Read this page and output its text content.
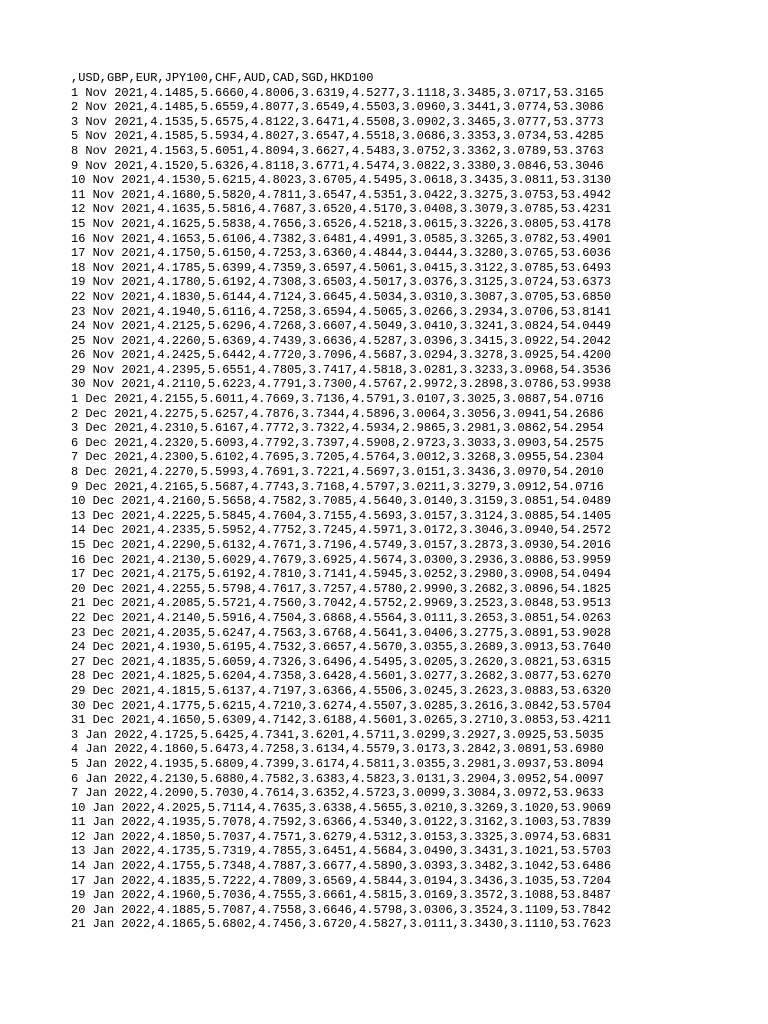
,USD,GBP,EUR,JPY100,CHF,AUD,CAD,SGD,HKD100
1 Nov 2021,4.1485,5.6660,4.8006,3.6319,4.5277,3.1118,3.3485,3.0717,53.3165
2 Nov 2021,4.1485,5.6559,4.8077,3.6549,4.5503,3.0960,3.3441,3.0774,53.3086
3 Nov 2021,4.1535,5.6575,4.8122,3.6471,4.5508,3.0902,3.3465,3.0777,53.3773
5 Nov 2021,4.1585,5.5934,4.8027,3.6547,4.5518,3.0686,3.3353,3.0734,53.4285
8 Nov 2021,4.1563,5.6051,4.8094,3.6627,4.5483,3.0752,3.3362,3.0789,53.3763
9 Nov 2021,4.1520,5.6326,4.8118,3.6771,4.5474,3.0822,3.3380,3.0846,53.3046
10 Nov 2021,4.1530,5.6215,4.8023,3.6705,4.5495,3.0618,3.3435,3.0811,53.3130
11 Nov 2021,4.1680,5.5820,4.7811,3.6547,4.5351,3.0422,3.3275,3.0753,53.4942
12 Nov 2021,4.1635,5.5816,4.7687,3.6520,4.5170,3.0408,3.3079,3.0785,53.4231
15 Nov 2021,4.1625,5.5838,4.7656,3.6526,4.5218,3.0615,3.3226,3.0805,53.4178
16 Nov 2021,4.1653,5.6106,4.7382,3.6481,4.4991,3.0585,3.3265,3.0782,53.4901
17 Nov 2021,4.1750,5.6150,4.7253,3.6360,4.4844,3.0444,3.3280,3.0765,53.6036
18 Nov 2021,4.1785,5.6399,4.7359,3.6597,4.5061,3.0415,3.3122,3.0785,53.6493
19 Nov 2021,4.1780,5.6192,4.7308,3.6503,4.5017,3.0376,3.3125,3.0724,53.6373
22 Nov 2021,4.1830,5.6144,4.7124,3.6645,4.5034,3.0310,3.3087,3.0705,53.6850
23 Nov 2021,4.1940,5.6116,4.7258,3.6594,4.5065,3.0266,3.2934,3.0706,53.8141
24 Nov 2021,4.2125,5.6296,4.7268,3.6607,4.5049,3.0410,3.3241,3.0824,54.0449
25 Nov 2021,4.2260,5.6369,4.7439,3.6636,4.5287,3.0396,3.3415,3.0922,54.2042
26 Nov 2021,4.2425,5.6442,4.7720,3.7096,4.5687,3.0294,3.3278,3.0925,54.4200
29 Nov 2021,4.2395,5.6551,4.7805,3.7417,4.5818,3.0281,3.3233,3.0968,54.3536
30 Nov 2021,4.2110,5.6223,4.7791,3.7300,4.5767,2.9972,3.2898,3.0786,53.9938
1 Dec 2021,4.2155,5.6011,4.7669,3.7136,4.5791,3.0107,3.3025,3.0887,54.0716
2 Dec 2021,4.2275,5.6257,4.7876,3.7344,4.5896,3.0064,3.3056,3.0941,54.2686
3 Dec 2021,4.2310,5.6167,4.7772,3.7322,4.5934,2.9865,3.2981,3.0862,54.2954
6 Dec 2021,4.2320,5.6093,4.7792,3.7397,4.5908,2.9723,3.3033,3.0903,54.2575
7 Dec 2021,4.2300,5.6102,4.7695,3.7205,4.5764,3.0012,3.3268,3.0955,54.2304
8 Dec 2021,4.2270,5.5993,4.7691,3.7221,4.5697,3.0151,3.3436,3.0970,54.2010
9 Dec 2021,4.2165,5.5687,4.7743,3.7168,4.5797,3.0211,3.3279,3.0912,54.0716
10 Dec 2021,4.2160,5.5658,4.7582,3.7085,4.5640,3.0140,3.3159,3.0851,54.0489
13 Dec 2021,4.2225,5.5845,4.7604,3.7155,4.5693,3.0157,3.3124,3.0885,54.1405
14 Dec 2021,4.2335,5.5952,4.7752,3.7245,4.5971,3.0172,3.3046,3.0940,54.2572
15 Dec 2021,4.2290,5.6132,4.7671,3.7196,4.5749,3.0157,3.2873,3.0930,54.2016
16 Dec 2021,4.2130,5.6029,4.7679,3.6925,4.5674,3.0300,3.2936,3.0886,53.9959
17 Dec 2021,4.2175,5.6192,4.7810,3.7141,4.5945,3.0252,3.2980,3.0908,54.0494
20 Dec 2021,4.2255,5.5798,4.7617,3.7257,4.5780,2.9990,3.2682,3.0896,54.1825
21 Dec 2021,4.2085,5.5721,4.7560,3.7042,4.5752,2.9969,3.2523,3.0848,53.9513
22 Dec 2021,4.2140,5.5916,4.7504,3.6868,4.5564,3.0111,3.2653,3.0851,54.0263
23 Dec 2021,4.2035,5.6247,4.7563,3.6768,4.5641,3.0406,3.2775,3.0891,53.9028
24 Dec 2021,4.1930,5.6195,4.7532,3.6657,4.5670,3.0355,3.2689,3.0913,53.7640
27 Dec 2021,4.1835,5.6059,4.7326,3.6496,4.5495,3.0205,3.2620,3.0821,53.6315
28 Dec 2021,4.1825,5.6204,4.7358,3.6428,4.5601,3.0277,3.2682,3.0877,53.6270
29 Dec 2021,4.1815,5.6137,4.7197,3.6366,4.5506,3.0245,3.2623,3.0883,53.6320
30 Dec 2021,4.1775,5.6215,4.7210,3.6274,4.5507,3.0285,3.2616,3.0842,53.5704
31 Dec 2021,4.1650,5.6309,4.7142,3.6188,4.5601,3.0265,3.2710,3.0853,53.4211
3 Jan 2022,4.1725,5.6425,4.7341,3.6201,4.5711,3.0299,3.2927,3.0925,53.5035
4 Jan 2022,4.1860,5.6473,4.7258,3.6134,4.5579,3.0173,3.2842,3.0891,53.6980
5 Jan 2022,4.1935,5.6809,4.7399,3.6174,4.5811,3.0355,3.2981,3.0937,53.8094
6 Jan 2022,4.2130,5.6880,4.7582,3.6383,4.5823,3.0131,3.2904,3.0952,54.0097
7 Jan 2022,4.2090,5.7030,4.7614,3.6352,4.5723,3.0099,3.3084,3.0972,53.9633
10 Jan 2022,4.2025,5.7114,4.7635,3.6338,4.5655,3.0210,3.3269,3.1020,53.9069
11 Jan 2022,4.1935,5.7078,4.7592,3.6366,4.5340,3.0122,3.3162,3.1003,53.7839
12 Jan 2022,4.1850,5.7037,4.7571,3.6279,4.5312,3.0153,3.3325,3.0974,53.6831
13 Jan 2022,4.1735,5.7319,4.7855,3.6451,4.5684,3.0490,3.3431,3.1021,53.5703
14 Jan 2022,4.1755,5.7348,4.7887,3.6677,4.5890,3.0393,3.3482,3.1042,53.6486
17 Jan 2022,4.1835,5.7222,4.7809,3.6569,4.5844,3.0194,3.3436,3.1035,53.7204
19 Jan 2022,4.1960,5.7036,4.7555,3.6661,4.5815,3.0169,3.3572,3.1088,53.8487
20 Jan 2022,4.1885,5.7087,4.7558,3.6646,4.5798,3.0306,3.3524,3.1109,53.7842
21 Jan 2022,4.1865,5.6802,4.7456,3.6720,4.5827,3.0111,3.3430,3.1110,53.7623
